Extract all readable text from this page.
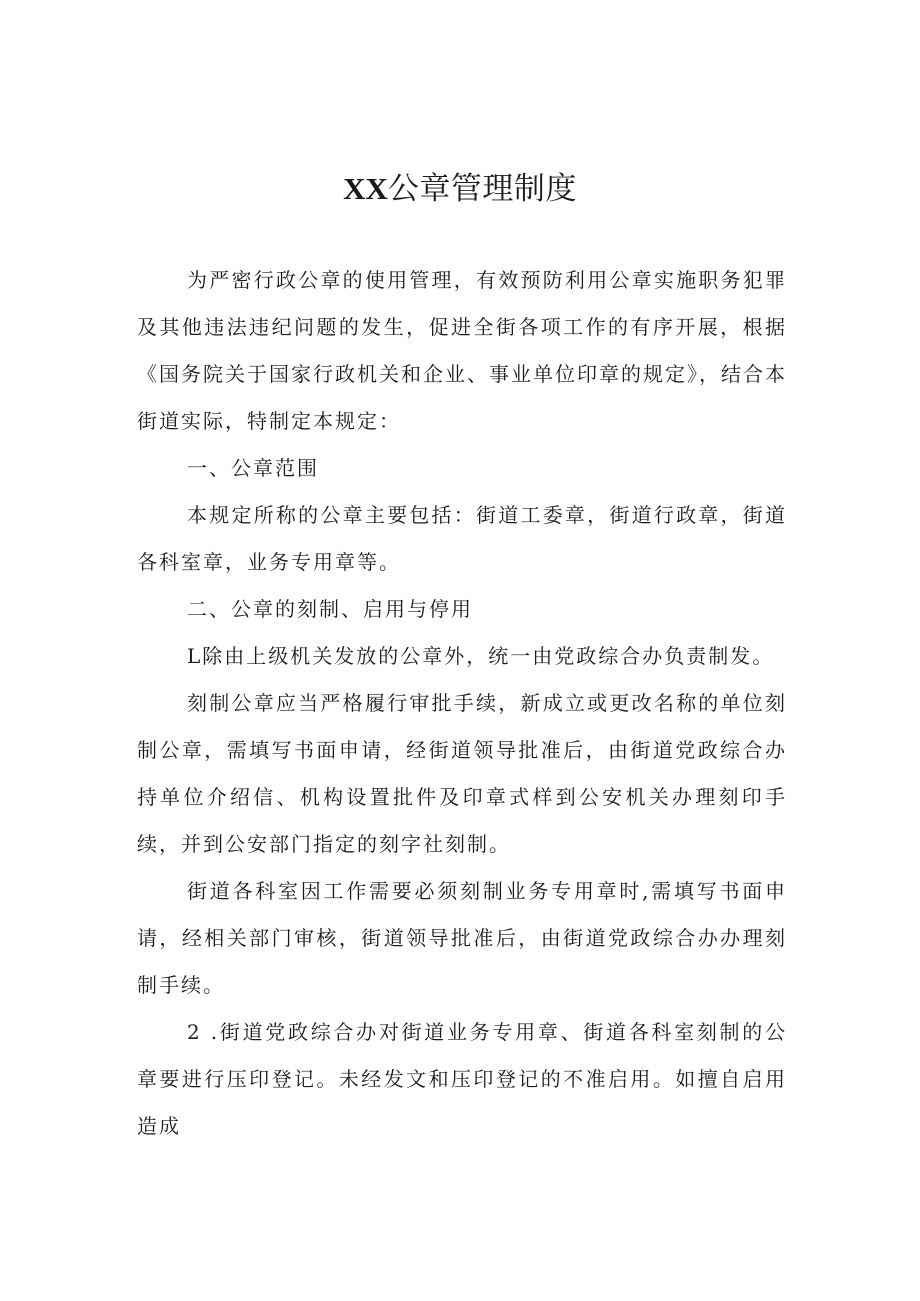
XX公章管理制度

为严密行政公章的使用管理，有效预防利用公章实施职务犯罪及其他违法违纪问题的发生，促进全街各项工作的有序开展，根据《国务院关于国家行政机关和企业、事业单位印章的规定》，结合本街道实际，特制定本规定：

一、公章范围

本规定所称的公章主要包括：街道工委章，街道行政章，街道各科室章，业务专用章等。

二、公章的刻制、启用与停用

L除由上级机关发放的公章外，统一由党政综合办负责制发。

刻制公章应当严格履行审批手续，新成立或更改名称的单位刻制公章，需填写书面申请，经街道领导批准后，由街道党政综合办持单位介绍信、机构设置批件及印章式样到公安机关办理刻印手续，并到公安部门指定的刻字社刻制。

街道各科室因工作需要必须刻制业务专用章时,需填写书面申请，经相关部门审核，街道领导批准后，由街道党政综合办办理刻制手续。

2 .街道党政综合办对街道业务专用章、街道各科室刻制的公章要进行压印登记。未经发文和压印登记的不准启用。如擅自启用造成
